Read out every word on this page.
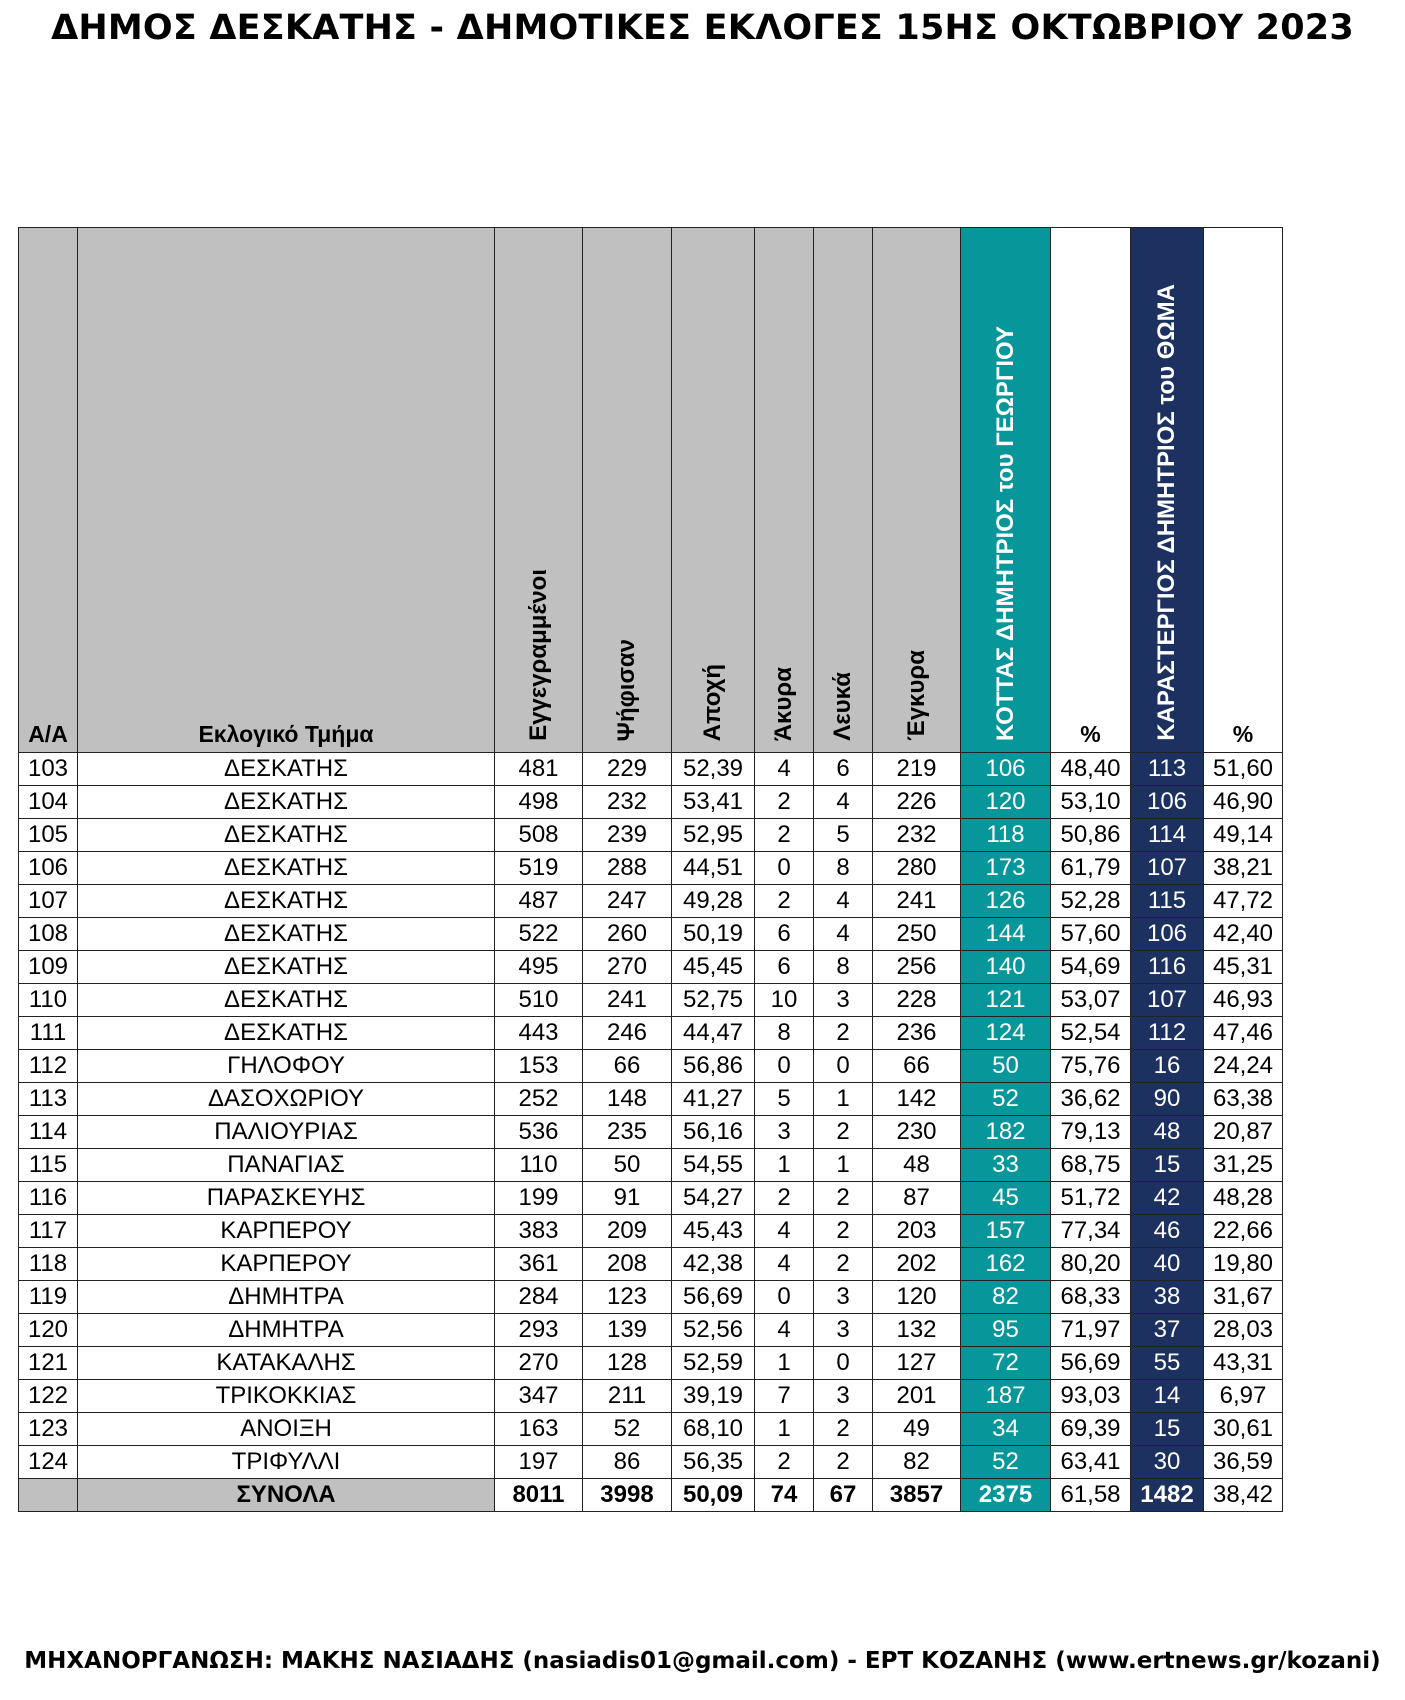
ΔΗΜΟΣ ΔΕΣΚΑΤΗΣ - ΔΗΜΟΤΙΚΕΣ ΕΚΛΟΓΕΣ 15ΗΣ ΟΚΤΩΒΡΙΟΥ 2023
Α/Α	Εκλογικό Τμήμα	Εγγεγραμμένοι	Ψήφισαν	Αποχή	Άκυρα	Λευκά	Έγκυρα	ΚΟΤΤΑΣ ΔΗΜΗΤΡΙΟΣ του ΓΕΩΡΓΙΟΥ	%	ΚΑΡΑΣΤΕΡΓΙΟΣ ΔΗΜΗΤΡΙΟΣ του ΘΩΜΑ	%

103	ΔΕΣΚΑΤΗΣ	481	229	52,39	4	6	219	106	48,40	113	51,60
104	ΔΕΣΚΑΤΗΣ	498	232	53,41	2	4	226	120	53,10	106	46,90
105	ΔΕΣΚΑΤΗΣ	508	239	52,95	2	5	232	118	50,86	114	49,14
106	ΔΕΣΚΑΤΗΣ	519	288	44,51	0	8	280	173	61,79	107	38,21
107	ΔΕΣΚΑΤΗΣ	487	247	49,28	2	4	241	126	52,28	115	47,72
108	ΔΕΣΚΑΤΗΣ	522	260	50,19	6	4	250	144	57,60	106	42,40
109	ΔΕΣΚΑΤΗΣ	495	270	45,45	6	8	256	140	54,69	116	45,31
110	ΔΕΣΚΑΤΗΣ	510	241	52,75	10	3	228	121	53,07	107	46,93
111	ΔΕΣΚΑΤΗΣ	443	246	44,47	8	2	236	124	52,54	112	47,46
112	ΓΗΛΟΦΟΥ	153	66	56,86	0	0	66	50	75,76	16	24,24
113	ΔΑΣΟΧΩΡΙΟΥ	252	148	41,27	5	1	142	52	36,62	90	63,38
114	ΠΑΛΙΟΥΡΙΑΣ	536	235	56,16	3	2	230	182	79,13	48	20,87
115	ΠΑΝΑΓΙΑΣ	110	50	54,55	1	1	48	33	68,75	15	31,25
116	ΠΑΡΑΣΚΕΥΗΣ	199	91	54,27	2	2	87	45	51,72	42	48,28
117	ΚΑΡΠΕΡΟΥ	383	209	45,43	4	2	203	157	77,34	46	22,66
118	ΚΑΡΠΕΡΟΥ	361	208	42,38	4	2	202	162	80,20	40	19,80
119	ΔΗΜΗΤΡΑ	284	123	56,69	0	3	120	82	68,33	38	31,67
120	ΔΗΜΗΤΡΑ	293	139	52,56	4	3	132	95	71,97	37	28,03
121	ΚΑΤΑΚΑΛΗΣ	270	128	52,59	1	0	127	72	56,69	55	43,31
122	ΤΡΙΚΟΚΚΙΑΣ	347	211	39,19	7	3	201	187	93,03	14	6,97
123	ΑΝΟΙΞΗ	163	52	68,10	1	2	49	34	69,39	15	30,61
124	ΤΡΙΦΥΛΛΙ	197	86	56,35	2	2	82	52	63,41	30	36,59
	ΣΥΝΟΛΑ	8011	3998	50,09	74	67	3857	2375	61,58	1482	38,42
ΜΗΧΑΝΟΡΓΑΝΩΣΗ: ΜΑΚΗΣ ΝΑΣΙΑΔΗΣ (nasiadis01@gmail.com) - ΕΡΤ ΚΟΖΑΝΗΣ (www.ertnews.gr/kozani)
